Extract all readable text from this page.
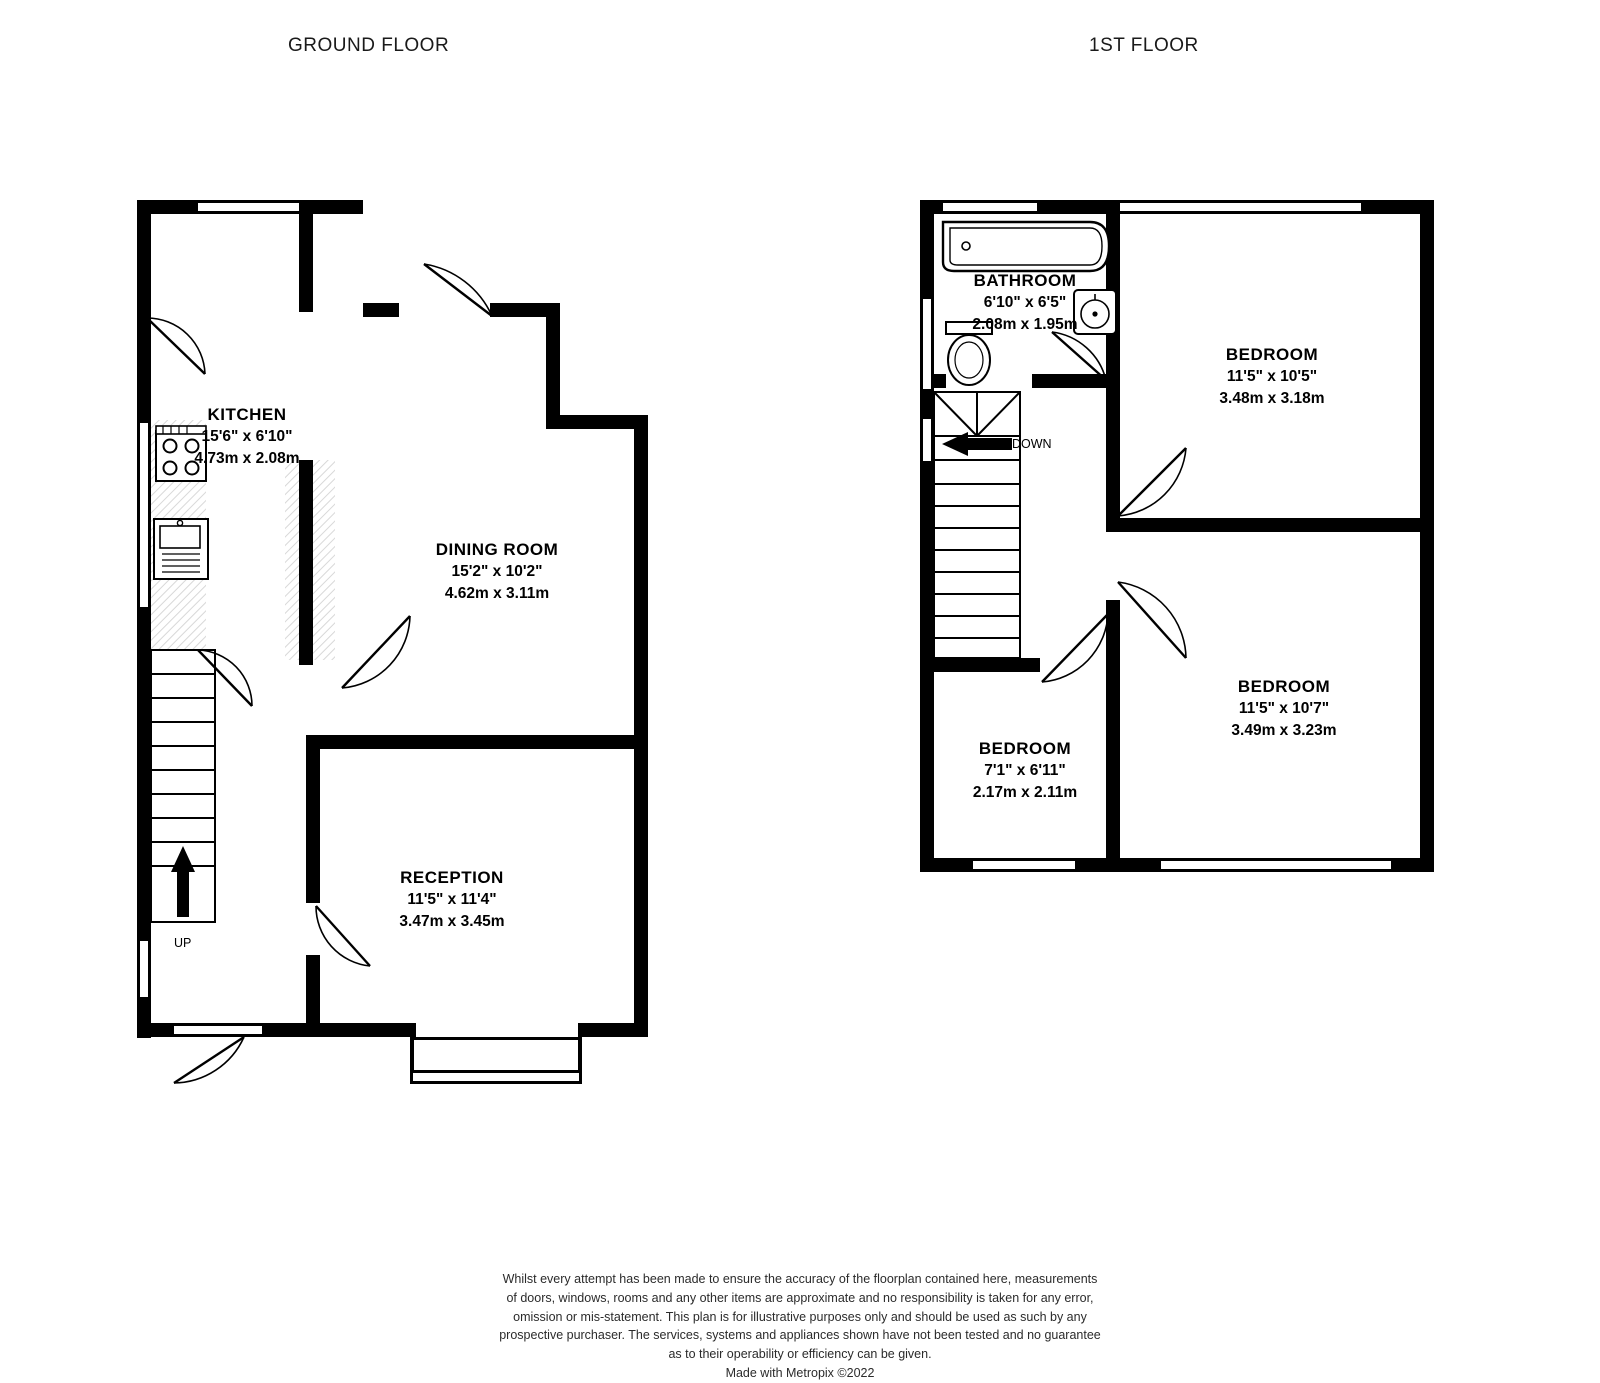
GROUND FLOOR	1ST FLOOR
UP
KITCHEN
15'6" x 6'10"
4.73m x 2.08m
DINING ROOM
15'2" x 10'2"
4.62m x 3.11m
RECEPTION
11'5" x 11'4"
3.47m x 3.45m
DOWN
BATHROOM
6'10" x 6'5"
2.08m x 1.95m
BEDROOM
11'5" x 10'5"
3.48m x 3.18m
BEDROOM
11'5" x 10'7"
3.49m x 3.23m
BEDROOM
7'1" x 6'11"
2.17m x 2.11m
Whilst every attempt has been made to ensure the accuracy of the floorplan contained here, measurements
of doors, windows, rooms and any other items are approximate and no responsibility is taken for any error,
omission or mis-statement. This plan is for illustrative purposes only and should be used as such by any
prospective purchaser. The services, systems and appliances shown have not been tested and no guarantee
as to their operability or efficiency can be given.
Made with Metropix ©2022
